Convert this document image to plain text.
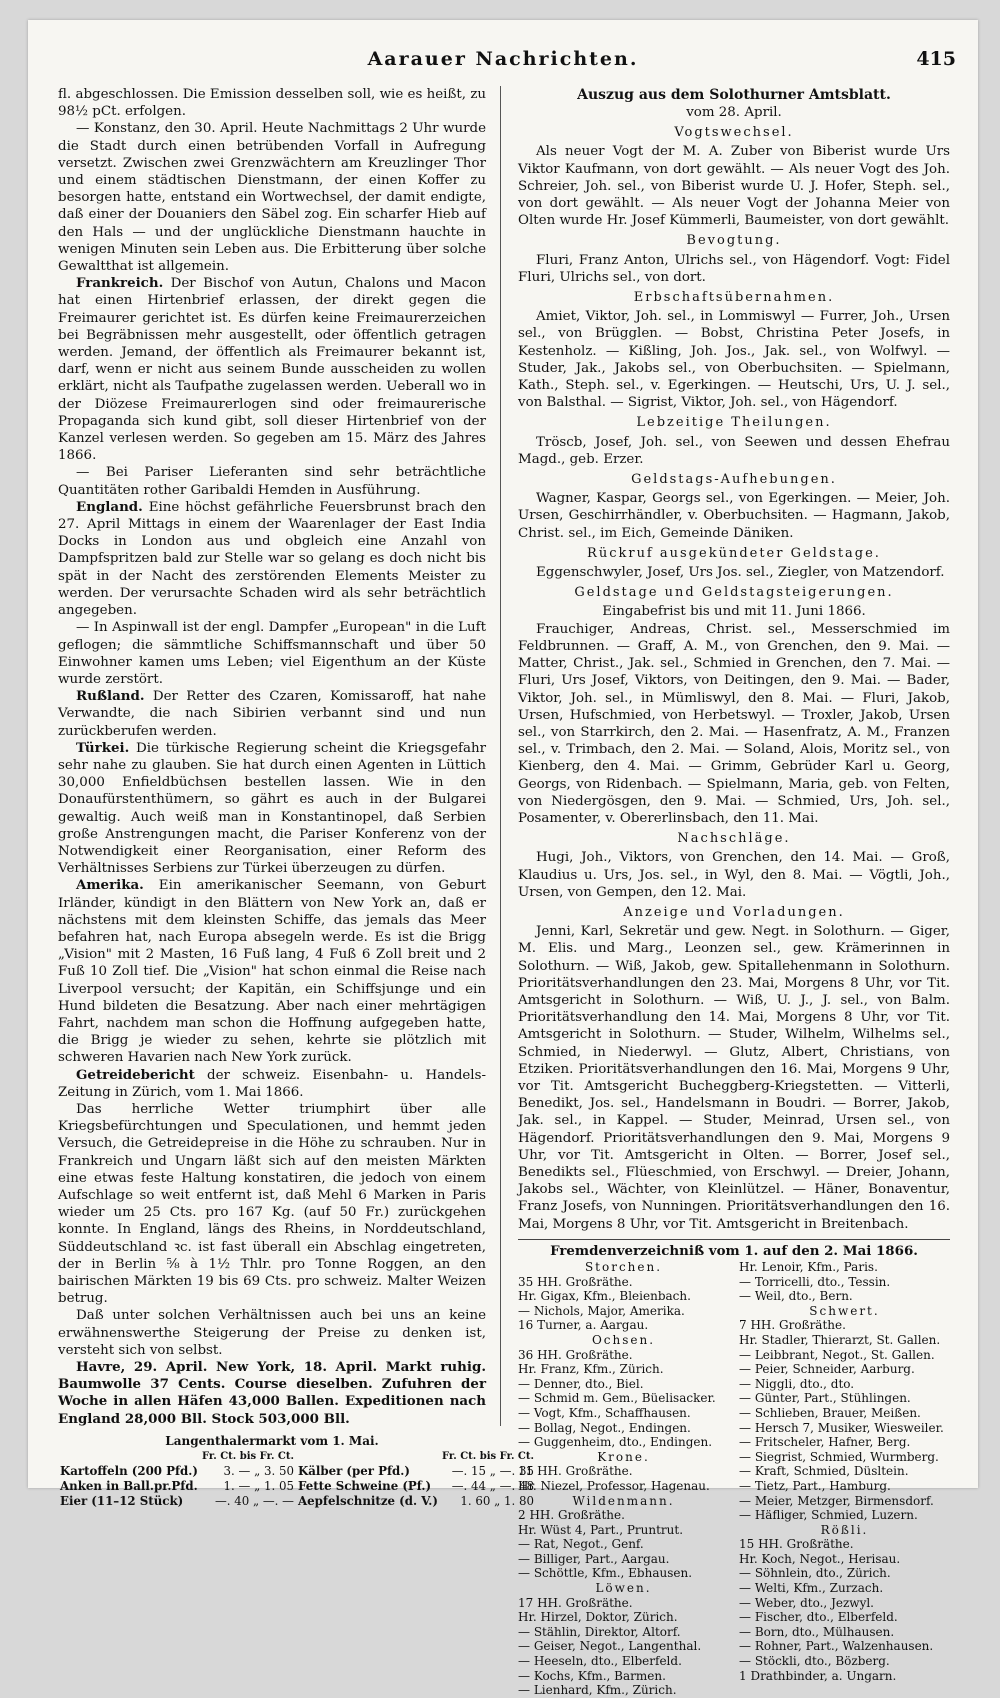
Aarauer Nachrichten.	415

fl. abgeschlossen. Die Emission desselben soll, wie es heißt, zu 98½ pCt. erfolgen.

— Konstanz, den 30. April. Heute Nachmittags 2 Uhr wurde die Stadt durch einen betrübenden Vorfall in Aufregung versetzt. Zwischen zwei Grenzwächtern am Kreuzlinger Thor und einem städtischen Dienstmann, der einen Koffer zu besorgen hatte, entstand ein Wortwechsel, der damit endigte, daß einer der Douaniers den Säbel zog. Ein scharfer Hieb auf den Hals — und der unglückliche Dienstmann hauchte in wenigen Minuten sein Leben aus. Die Erbitterung über solche Gewaltthat ist allgemein.

Frankreich. Der Bischof von Autun, Chalons und Macon hat einen Hirtenbrief erlassen, der direkt gegen die Freimaurer gerichtet ist. Es dürfen keine Freimaurerzeichen bei Begräbnissen mehr ausgestellt, oder öffentlich getragen werden. Jemand, der öffentlich als Freimaurer bekannt ist, darf, wenn er nicht aus seinem Bunde ausscheiden zu wollen erklärt, nicht als Taufpathe zugelassen werden. Ueberall wo in der Diözese Freimaurerlogen sind oder freimaurerische Propaganda sich kund gibt, soll dieser Hirtenbrief von der Kanzel verlesen werden. So gegeben am 15. März des Jahres 1866.

— Bei Pariser Lieferanten sind sehr beträchtliche Quantitäten rother Garibaldi Hemden in Ausführung.

England. Eine höchst gefährliche Feuersbrunst brach den 27. April Mittags in einem der Waarenlager der East India Docks in London aus und obgleich eine Anzahl von Dampfspritzen bald zur Stelle war so gelang es doch nicht bis spät in der Nacht des zerstörenden Elements Meister zu werden. Der verursachte Schaden wird als sehr beträchtlich angegeben.

— In Aspinwall ist der engl. Dampfer „European" in die Luft geflogen; die sämmtliche Schiffsmannschaft und über 50 Einwohner kamen ums Leben; viel Eigenthum an der Küste wurde zerstört.

Rußland. Der Retter des Czaren, Komissaroff, hat nahe Verwandte, die nach Sibirien verbannt sind und nun zurückberufen werden.

Türkei. Die türkische Regierung scheint die Kriegsgefahr sehr nahe zu glauben. Sie hat durch einen Agenten in Lüttich 30,000 Enfieldbüchsen bestellen lassen. Wie in den Donaufürstenthümern, so gährt es auch in der Bulgarei gewaltig. Auch weiß man in Konstantinopel, daß Serbien große Anstrengungen macht, die Pariser Konferenz von der Notwendigkeit einer Reorganisation, einer Reform des Verhältnisses Serbiens zur Türkei überzeugen zu dürfen.

Amerika. Ein amerikanischer Seemann, von Geburt Irländer, kündigt in den Blättern von New York an, daß er nächstens mit dem kleinsten Schiffe, das jemals das Meer befahren hat, nach Europa absegeln werde. Es ist die Brigg „Vision" mit 2 Masten, 16 Fuß lang, 4 Fuß 6 Zoll breit und 2 Fuß 10 Zoll tief. Die „Vision" hat schon einmal die Reise nach Liverpool versucht; der Kapitän, ein Schiffsjunge und ein Hund bildeten die Besatzung. Aber nach einer mehrtägigen Fahrt, nachdem man schon die Hoffnung aufgegeben hatte, die Brigg je wieder zu sehen, kehrte sie plötzlich mit schweren Havarien nach New York zurück.

Getreidebericht der schweiz. Eisenbahn- u. Handels-Zeitung in Zürich, vom 1. Mai 1866.

Das herrliche Wetter triumphirt über alle Kriegsbefürchtungen und Speculationen, und hemmt jeden Versuch, die Getreidepreise in die Höhe zu schrauben. Nur in Frankreich und Ungarn läßt sich auf den meisten Märkten eine etwas feste Haltung konstatiren, die jedoch von einem Aufschlage so weit entfernt ist, daß Mehl 6 Marken in Paris wieder um 25 Cts. pro 167 Kg. (auf 50 Fr.) zurückgehen konnte. In England, längs des Rheins, in Norddeutschland, Süddeutschland ꝛc. ist fast überall ein Abschlag eingetreten, der in Berlin ⅝ à 1½ Thlr. pro Tonne Roggen, an den bairischen Märkten 19 bis 69 Cts. pro schweiz. Malter Weizen betrug.

Daß unter solchen Verhältnissen auch bei uns an keine erwähnenswerthe Steigerung der Preise zu denken ist, versteht sich von selbst.

Havre, 29. April. New York, 18. April. Markt ruhig. Baumwolle 37 Cents. Course dieselben. Zufuhren der Woche in allen Häfen 43,000 Ballen. Expeditionen nach England 28,000 Bll. Stock 503,000 Bll.

Langenthalermarkt vom 1. Mai.

	Fr. Ct. bis Fr. Ct.		Fr. Ct. bis Fr. Ct.
Kartoffeln (200 Pfd.)	3. — „ 3. 50	Kälber (per Pfd.)	—. 15 „ —. 35
Anken in Ball.pr.Pfd.	1. — „ 1. 05	Fette Schweine (Pf.)	—. 44 „ —. 48
Eier (11–12 Stück)	—. 40 „ —. —	Aepfelschnitze (d. V.)	1. 60 „ 1. 80
Auszug aus dem Solothurner Amtsblatt.

vom 28. April.

Vogtswechsel.

Als neuer Vogt der M. A. Zuber von Biberist wurde Urs Viktor Kaufmann, von dort gewählt. — Als neuer Vogt des Joh. Schreier, Joh. sel., von Biberist wurde U. J. Hofer, Steph. sel., von dort gewählt. — Als neuer Vogt der Johanna Meier von Olten wurde Hr. Josef Kümmerli, Baumeister, von dort gewählt.

Bevogtung.

Fluri, Franz Anton, Ulrichs sel., von Hägendorf. Vogt: Fidel Fluri, Ulrichs sel., von dort.

Erbschaftsübernahmen.

Amiet, Viktor, Joh. sel., in Lommiswyl — Furrer, Joh., Ursen sel., von Brügglen. — Bobst, Christina Peter Josefs, in Kestenholz. — Kißling, Joh. Jos., Jak. sel., von Wolfwyl. — Studer, Jak., Jakobs sel., von Oberbuchsiten. — Spielmann, Kath., Steph. sel., v. Egerkingen. — Heutschi, Urs, U. J. sel., von Balsthal. — Sigrist, Viktor, Joh. sel., von Hägendorf.

Lebzeitige Theilungen.

Tröscb, Josef, Joh. sel., von Seewen und dessen Ehefrau Magd., geb. Erzer.

Geldstags-Aufhebungen.

Wagner, Kaspar, Georgs sel., von Egerkingen. — Meier, Joh. Ursen, Geschirrhändler, v. Oberbuchsiten. — Hagmann, Jakob, Christ. sel., im Eich, Gemeinde Däniken.

Rückruf ausgekündeter Geldstage.

Eggenschwyler, Josef, Urs Jos. sel., Ziegler, von Matzendorf.

Geldstage und Geldstagsteigerungen.

Eingabefrist bis und mit 11. Juni 1866.

Frauchiger, Andreas, Christ. sel., Messerschmied im Feldbrunnen. — Graff, A. M., von Grenchen, den 9. Mai. — Matter, Christ., Jak. sel., Schmied in Grenchen, den 7. Mai. — Fluri, Urs Josef, Viktors, von Deitingen, den 9. Mai. — Bader, Viktor, Joh. sel., in Mümliswyl, den 8. Mai. — Fluri, Jakob, Ursen, Hufschmied, von Herbetswyl. — Troxler, Jakob, Ursen sel., von Starrkirch, den 2. Mai. — Hasenfratz, A. M., Franzen sel., v. Trimbach, den 2. Mai. — Soland, Alois, Moritz sel., von Kienberg, den 4. Mai. — Grimm, Gebrüder Karl u. Georg, Georgs, von Ridenbach. — Spielmann, Maria, geb. von Felten, von Niedergösgen, den 9. Mai. — Schmied, Urs, Joh. sel., Posamenter, v. Obererlinsbach, den 11. Mai.

Nachschläge.

Hugi, Joh., Viktors, von Grenchen, den 14. Mai. — Groß, Klaudius u. Urs, Jos. sel., in Wyl, den 8. Mai. — Vögtli, Joh., Ursen, von Gempen, den 12. Mai.

Anzeige und Vorladungen.

Jenni, Karl, Sekretär und gew. Negt. in Solothurn. — Giger, M. Elis. und Marg., Leonzen sel., gew. Krämerinnen in Solothurn. — Wiß, Jakob, gew. Spitallehenmann in Solothurn. Prioritätsverhandlungen den 23. Mai, Morgens 8 Uhr, vor Tit. Amtsgericht in Solothurn. — Wiß, U. J., J. sel., von Balm. Prioritätsverhandlung den 14. Mai, Morgens 8 Uhr, vor Tit. Amtsgericht in Solothurn. — Studer, Wilhelm, Wilhelms sel., Schmied, in Niederwyl. — Glutz, Albert, Christians, von Etziken. Prioritätsverhandlungen den 16. Mai, Morgens 9 Uhr, vor Tit. Amtsgericht Bucheggberg-Kriegstetten. — Vitterli, Benedikt, Jos. sel., Handelsmann in Boudri. — Borrer, Jakob, Jak. sel., in Kappel. — Studer, Meinrad, Ursen sel., von Hägendorf. Prioritätsverhandlungen den 9. Mai, Morgens 9 Uhr, vor Tit. Amtsgericht in Olten. — Borrer, Josef sel., Benedikts sel., Flüeschmied, von Erschwyl. — Dreier, Johann, Jakobs sel., Wächter, von Kleinlützel. — Häner, Bonaventur, Franz Josefs, von Nunningen. Prioritätsverhandlungen den 16. Mai, Morgens 8 Uhr, vor Tit. Amtsgericht in Breitenbach.

Fremdenverzeichniß vom 1. auf den 2. Mai 1866.

Storchen.
35 HH. Großräthe.
Hr. Gigax, Kfm., Bleienbach.
— Nichols, Major, Amerika.
16 Turner, a. Aargau.
Ochsen.
36 HH. Großräthe.
Hr. Franz, Kfm., Zürich.
— Denner, dto., Biel.
— Schmid m. Gem., Büelisacker.
— Vogt, Kfm., Schaffhausen.
— Bollag, Negot., Endingen.
— Guggenheim, dto., Endingen.
Krone.
11 HH. Großräthe.
Hr. Niezel, Professor, Hagenau.
Wildenmann.
2 HH. Großräthe.
Hr. Wüst 4, Part., Pruntrut.
— Rat, Negot., Genf.
— Billiger, Part., Aargau.
— Schöttle, Kfm., Ebhausen.
Löwen.
17 HH. Großräthe.
Hr. Hirzel, Doktor, Zürich.
— Stählin, Direktor, Altorf.
— Geiser, Negot., Langenthal.
— Heeseln, dto., Elberfeld.
— Kochs, Kfm., Barmen.
— Lienhard, Kfm., Zürich.
Hr. Lenoir, Kfm., Paris.
— Torricelli, dto., Tessin.
— Weil, dto., Bern.
Schwert.
7 HH. Großräthe.
Hr. Stadler, Thierarzt, St. Gallen.
— Leibbrant, Negot., St. Gallen.
— Peier, Schneider, Aarburg.
— Niggli, dto., dto.
— Günter, Part., Stühlingen.
— Schlieben, Brauer, Meißen.
— Hersch 7, Musiker, Wiesweiler.
— Fritscheler, Hafner, Berg.
— Siegrist, Schmied, Wurmberg.
— Kraft, Schmied, Düsltein.
— Tietz, Part., Hamburg.
— Meier, Metzger, Birmensdorf.
— Häfliger, Schmied, Luzern.
Rößli.
15 HH. Großräthe.
Hr. Koch, Negot., Herisau.
— Söhnlein, dto., Zürich.
— Welti, Kfm., Zurzach.
— Weber, dto., Jezwyl.
— Fischer, dto., Elberfeld.
— Born, dto., Mülhausen.
— Rohner, Part., Walzenhausen.
— Stöckli, dto., Bözberg.
1 Drathbinder, a. Ungarn.
